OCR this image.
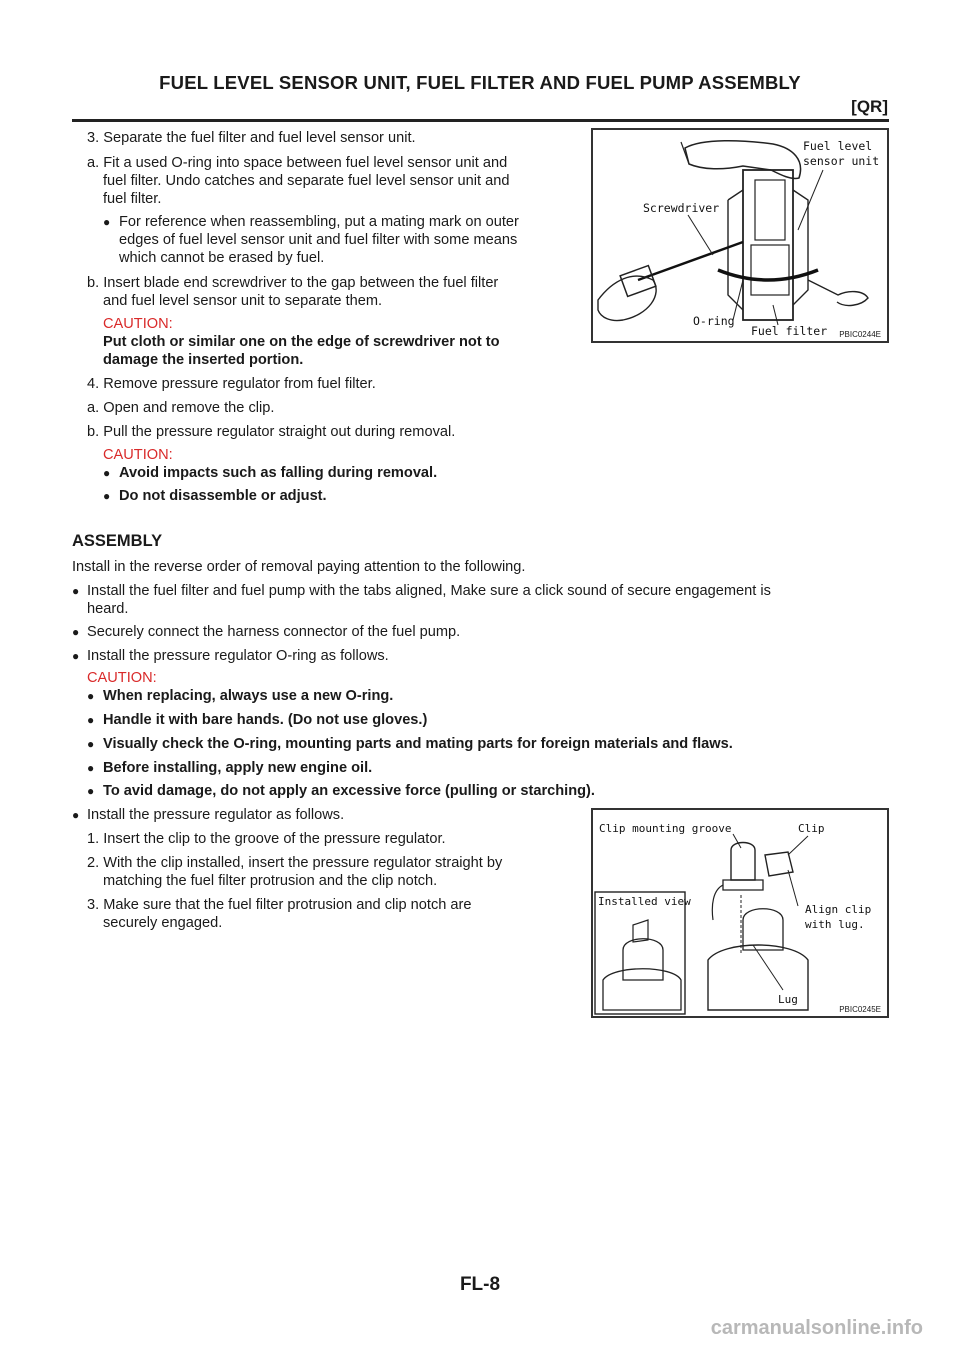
FUEL LEVEL SENSOR UNIT, FUEL FILTER AND FUEL PUMP ASSEMBLY
[QR]
3. Separate the fuel filter and fuel level sensor unit.
a. Fit a used O-ring into space between fuel level sensor unit and
fuel filter. Undo catches and separate fuel level sensor unit and
fuel filter.
● For reference when reassembling, put a mating mark on outer
edges of fuel level sensor unit and fuel filter with some means
which cannot be erased by fuel.
b. Insert blade end screwdriver to the gap between the fuel filter
and fuel level sensor unit to separate them.
CAUTION:
Put cloth or similar one on the edge of screwdriver not to
damage the inserted portion.
4. Remove pressure regulator from fuel filter.
a. Open and remove the clip.
b. Pull the pressure regulator straight out during removal.
CAUTION:
● Avoid impacts such as falling during removal.
● Do not disassemble or adjust.
Fuel level
sensor unit
Screwdriver
O-ring
Fuel filter PBIC0244E
ASSEMBLY
Install in the reverse order of removal paying attention to the following.
● Install the fuel filter and fuel pump with the tabs aligned, Make sure a click sound of secure engagement is
heard.
● Securely connect the harness connector of the fuel pump.
● Install the pressure regulator O-ring as follows.
CAUTION:
● When replacing, always use a new O-ring.
● Handle it with bare hands. (Do not use gloves.)
● Visually check the O-ring, mounting parts and mating parts for foreign materials and flaws.
● Before installing, apply new engine oil.
● To avid damage, do not apply an excessive force (pulling or starching).
● Install the pressure regulator as follows.
1. Insert the clip to the groove of the pressure regulator.
2. With the clip installed, insert the pressure regulator straight by
matching the fuel filter protrusion and the clip notch.
3. Make sure that the fuel filter protrusion and clip notch are
securely engaged.
Clip mounting groove	Clip
Installed view
Align clip
with lug.
Lug
PBIC0245E
FL-8
carmanualsonline.info
